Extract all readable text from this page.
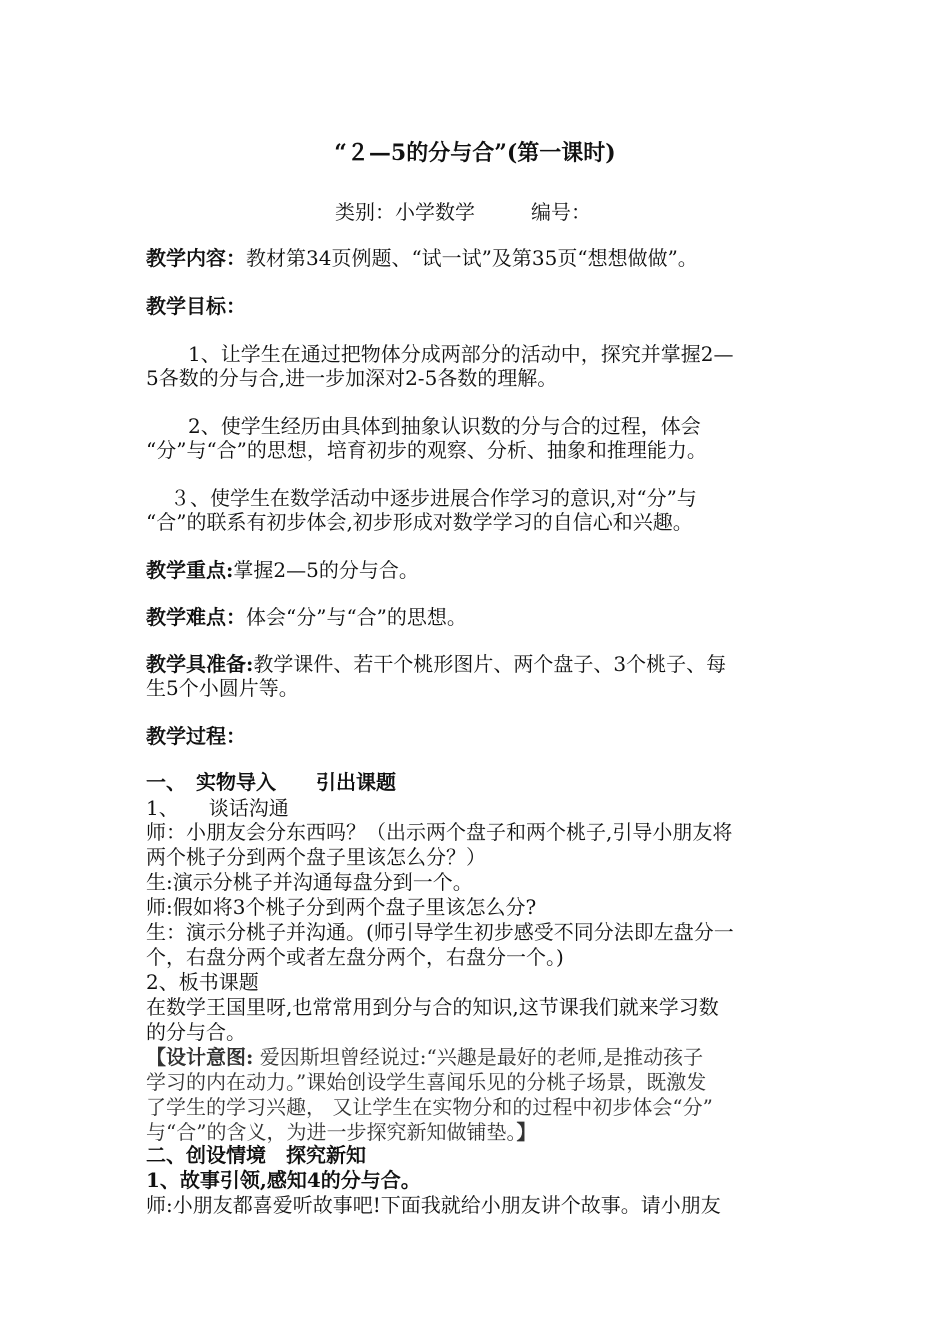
“２—5的分与合”(第一课时)
类别：小学数学	编号：
教学内容：教材第34页例题、“试一试”及第35页“想想做做”。
教学目标：
1、让学生在通过把物体分成两部分的活动中，探究并掌握2—
5各数的分与合,进一步加深对2-5各数的理解。
2、使学生经历由具体到抽象认识数的分与合的过程，体会
“分”与“合”的思想，培育初步的观察、分析、抽象和推理能力。
３、使学生在数学活动中逐步进展合作学习的意识,对“分”与
“合”的联系有初步体会,初步形成对数学学习的自信心和兴趣。
教学重点:掌握2—5的分与合。
教学难点：体会“分”与“合”的思想。
教学具准备:教学课件、若干个桃形图片、两个盘子、3个桃子、每
生5个小圆片等。
教学过程：
一、　实物导入　　引出课题
1、　　谈话沟通
师：小朋友会分东西吗？（出示两个盘子和两个桃子,引导小朋友将
两个桃子分到两个盘子里该怎么分？）
生:演示分桃子并沟通每盘分到一个。
师:假如将3个桃子分到两个盘子里该怎么分?
生：演示分桃子并沟通。(师引导学生初步感受不同分法即左盘分一
个，右盘分两个或者左盘分两个，右盘分一个。)
2、板书课题
在数学王国里呀,也常常用到分与合的知识,这节课我们就来学习数
的分与合。
【设计意图: 爱因斯坦曾经说过:“兴趣是最好的老师,是推动孩子
学习的内在动力。”课始创设学生喜闻乐见的分桃子场景，既激发
了学生的学习兴趣， 又让学生在实物分和的过程中初步体会“分”
与“合”的含义，为进一步探究新知做铺垫。】
二、创设情境　探究新知
1、故事引领,感知4的分与合。
师:小朋友都喜爱听故事吧!下面我就给小朋友讲个故事。请小朋友
